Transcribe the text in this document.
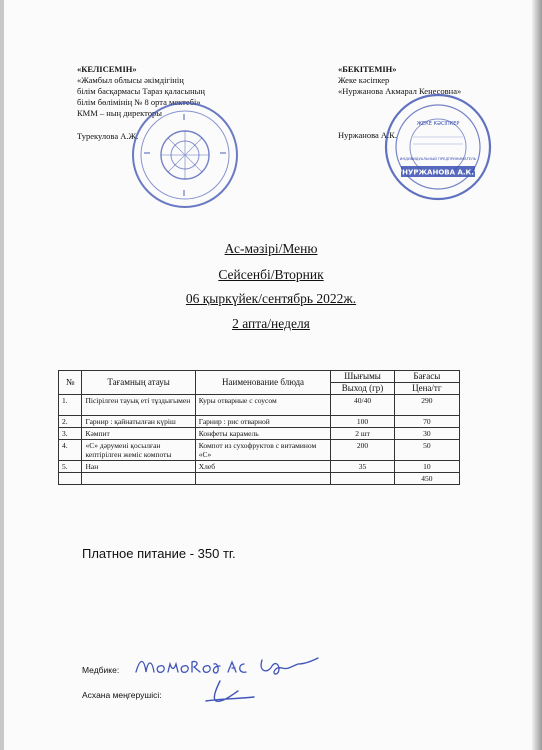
«КЕЛІСЕМІН»
«Жамбыл облысы әкімдігінің
білім басқармасы Тараз қаласының
білім бөлімінің № 8 орта мектебі»
КММ – ның директоры
Турекулова А.Ж.
«БЕКІТЕМІН»
Жеке кәсіпкер
«Нуржанова Акмарал Кенесовна»
Нуржанова А.К.
ЖЕКЕ КӘСІПКЕР
ИНДИВИДУАЛЬНЫЙ ПРЕДПРИНИМАТЕЛЬ
"НУРЖАНОВА А.К."
Ас-мәзірі/Меню
Сейсенбі/Вторник
06 қыркүйек/сентябрь 2022ж.
2 апта/неделя
№	Тағамның атауы	Наименование блюда	Шығымы	Бағасы
			Выход (гр)	Цена/тг
1.	Пісірілген тауық еті тұздығымен	Куры отварные с соусом	40/40	290
2.	Гарнир : қайнатылған күріш	Гарнир : рис отварной	100	70
3.	Кәмпит	Конфеты карамель	2 шт	30
4.	«С» дәрумені қосылған кептірілген жеміс компоты	Компот из сухофруктов с витамином «С»	200	50
5.	Нан	Хлеб	35	10
				450
Платное питание - 350 тг.
Медбике:
Асхана меңгерушісі:
